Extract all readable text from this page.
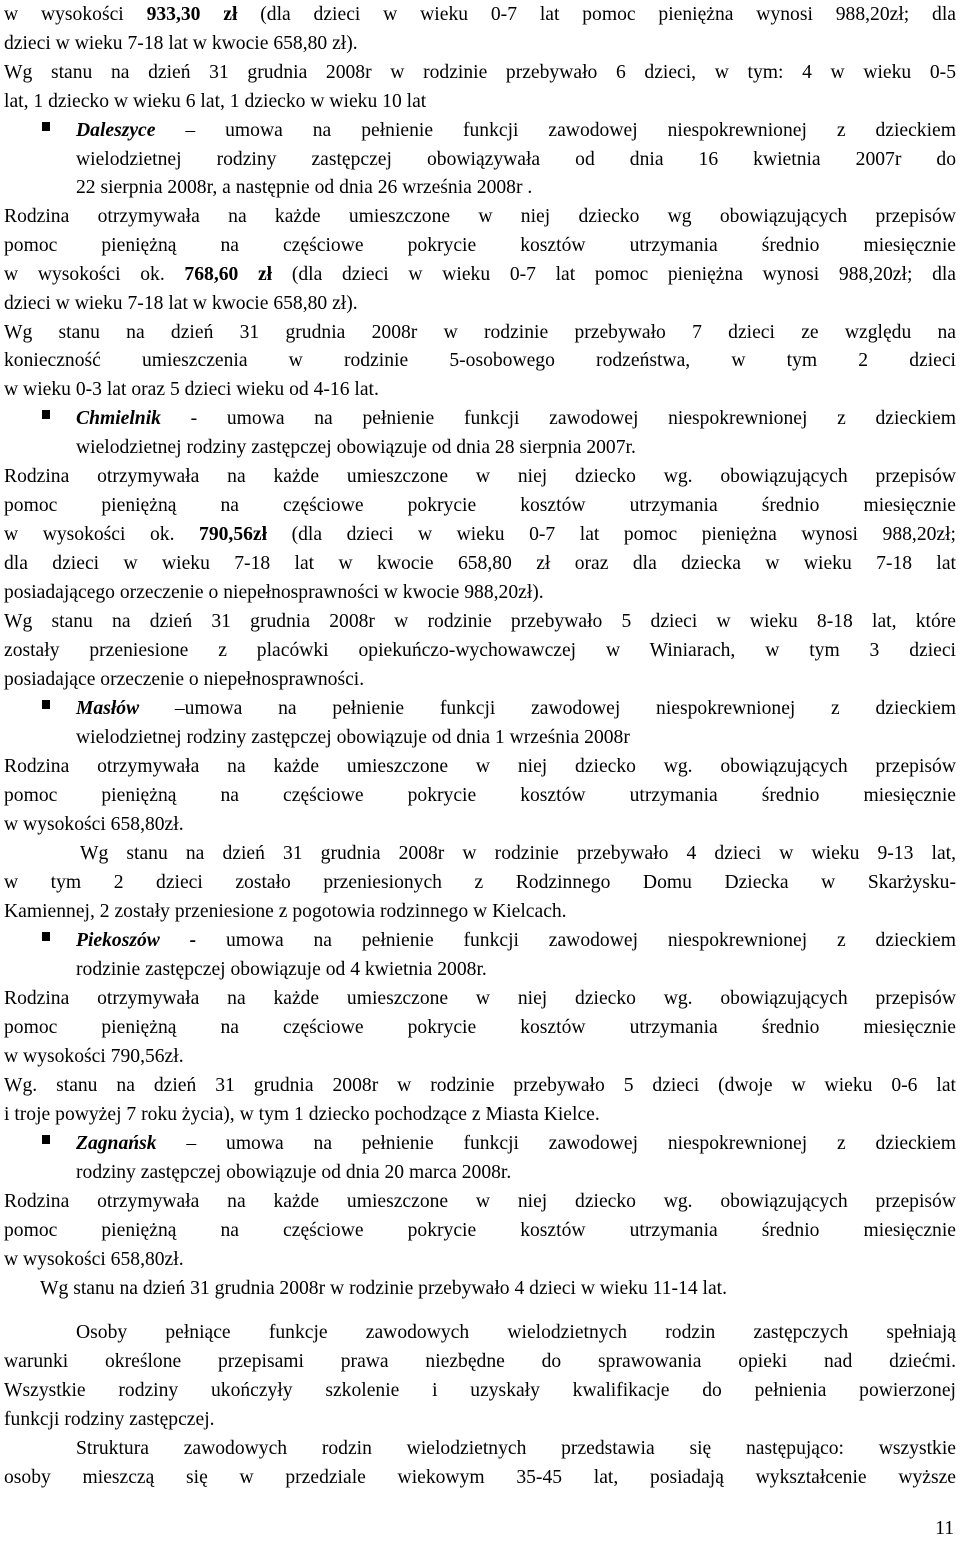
w wysokości 933,30 zł (dla dzieci w wieku 0-7 lat pomoc pieniężna wynosi 988,20zł; dla

dzieci w wieku 7-18 lat w kwocie 658,80 zł).

Wg stanu na dzień 31 grudnia 2008r w rodzinie przebywało 6 dzieci, w tym: 4 w wieku 0-5

lat, 1 dziecko w wieku 6 lat, 1 dziecko w wieku 10 lat

Daleszyce – umowa na pełnienie funkcji zawodowej niespokrewnionej z dzieckiem

wielodzietnej rodziny zastępczej obowiązywała od dnia 16 kwietnia 2007r do

22 sierpnia 2008r, a następnie od dnia 26 września 2008r .

Rodzina otrzymywała na każde umieszczone w niej dziecko wg obowiązujących przepisów

pomoc pieniężną na częściowe pokrycie kosztów utrzymania średnio miesięcznie

w wysokości ok. 768,60 zł (dla dzieci w wieku 0-7 lat pomoc pieniężna wynosi 988,20zł; dla

dzieci w wieku 7-18 lat w kwocie 658,80 zł).

Wg stanu na dzień 31 grudnia 2008r w rodzinie przebywało 7 dzieci ze względu na

konieczność umieszczenia w rodzinie 5-osobowego rodzeństwa, w tym 2 dzieci

w wieku 0-3 lat oraz 5 dzieci wieku od 4-16 lat.

Chmielnik - umowa na pełnienie funkcji zawodowej niespokrewnionej z dzieckiem

wielodzietnej rodziny zastępczej obowiązuje od dnia 28 sierpnia 2007r.

Rodzina otrzymywała na każde umieszczone w niej dziecko wg. obowiązujących przepisów

pomoc pieniężną na częściowe pokrycie kosztów utrzymania średnio miesięcznie

w wysokości ok. 790,56zł (dla dzieci w wieku 0-7 lat pomoc pieniężna wynosi 988,20zł;

dla dzieci w wieku 7-18 lat w kwocie 658,80 zł oraz dla dziecka w wieku 7-18 lat

posiadającego orzeczenie o niepełnosprawności w kwocie 988,20zł).

Wg stanu na dzień 31 grudnia 2008r w rodzinie przebywało 5 dzieci w wieku 8-18 lat, które

zostały przeniesione z placówki opiekuńczo-wychowawczej w Winiarach, w tym 3 dzieci

posiadające orzeczenie o niepełnosprawności.

Masłów –umowa na pełnienie funkcji zawodowej niespokrewnionej z dzieckiem

wielodzietnej rodziny zastępczej obowiązuje od dnia 1 września 2008r

Rodzina otrzymywała na każde umieszczone w niej dziecko wg. obowiązujących przepisów

pomoc pieniężną na częściowe pokrycie kosztów utrzymania średnio miesięcznie

w wysokości 658,80zł.

Wg stanu na dzień 31 grudnia 2008r w rodzinie przebywało 4 dzieci w wieku 9-13 lat,

w tym 2 dzieci zostało przeniesionych z Rodzinnego Domu Dziecka w Skarżysku-

Kamiennej, 2 zostały przeniesione z pogotowia rodzinnego w Kielcach.

Piekoszów - umowa na pełnienie funkcji zawodowej niespokrewnionej z dzieckiem

rodzinie zastępczej obowiązuje od 4 kwietnia 2008r.

Rodzina otrzymywała na każde umieszczone w niej dziecko wg. obowiązujących przepisów

pomoc pieniężną na częściowe pokrycie kosztów utrzymania średnio miesięcznie

w wysokości 790,56zł.

Wg. stanu na dzień 31 grudnia 2008r w rodzinie przebywało 5 dzieci (dwoje w wieku 0-6 lat

i troje powyżej 7 roku życia), w tym 1 dziecko pochodzące z Miasta Kielce.

Zagnańsk – umowa na pełnienie funkcji zawodowej niespokrewnionej z dzieckiem

rodziny zastępczej obowiązuje od dnia 20 marca 2008r.

Rodzina otrzymywała na każde umieszczone w niej dziecko wg. obowiązujących przepisów

pomoc pieniężną na częściowe pokrycie kosztów utrzymania średnio miesięcznie

w wysokości 658,80zł.

Wg stanu na dzień 31 grudnia 2008r w rodzinie przebywało 4 dzieci w wieku 11-14 lat.

Osoby pełniące funkcje zawodowych wielodzietnych rodzin zastępczych spełniają

warunki określone przepisami prawa niezbędne do sprawowania opieki nad dziećmi.

Wszystkie rodziny ukończyły szkolenie i uzyskały kwalifikacje do pełnienia powierzonej

funkcji rodziny zastępczej.

Struktura zawodowych rodzin wielodzietnych przedstawia się następująco: wszystkie

osoby mieszczą się w przedziale wiekowym 35-45 lat, posiadają wykształcenie wyższe

11
